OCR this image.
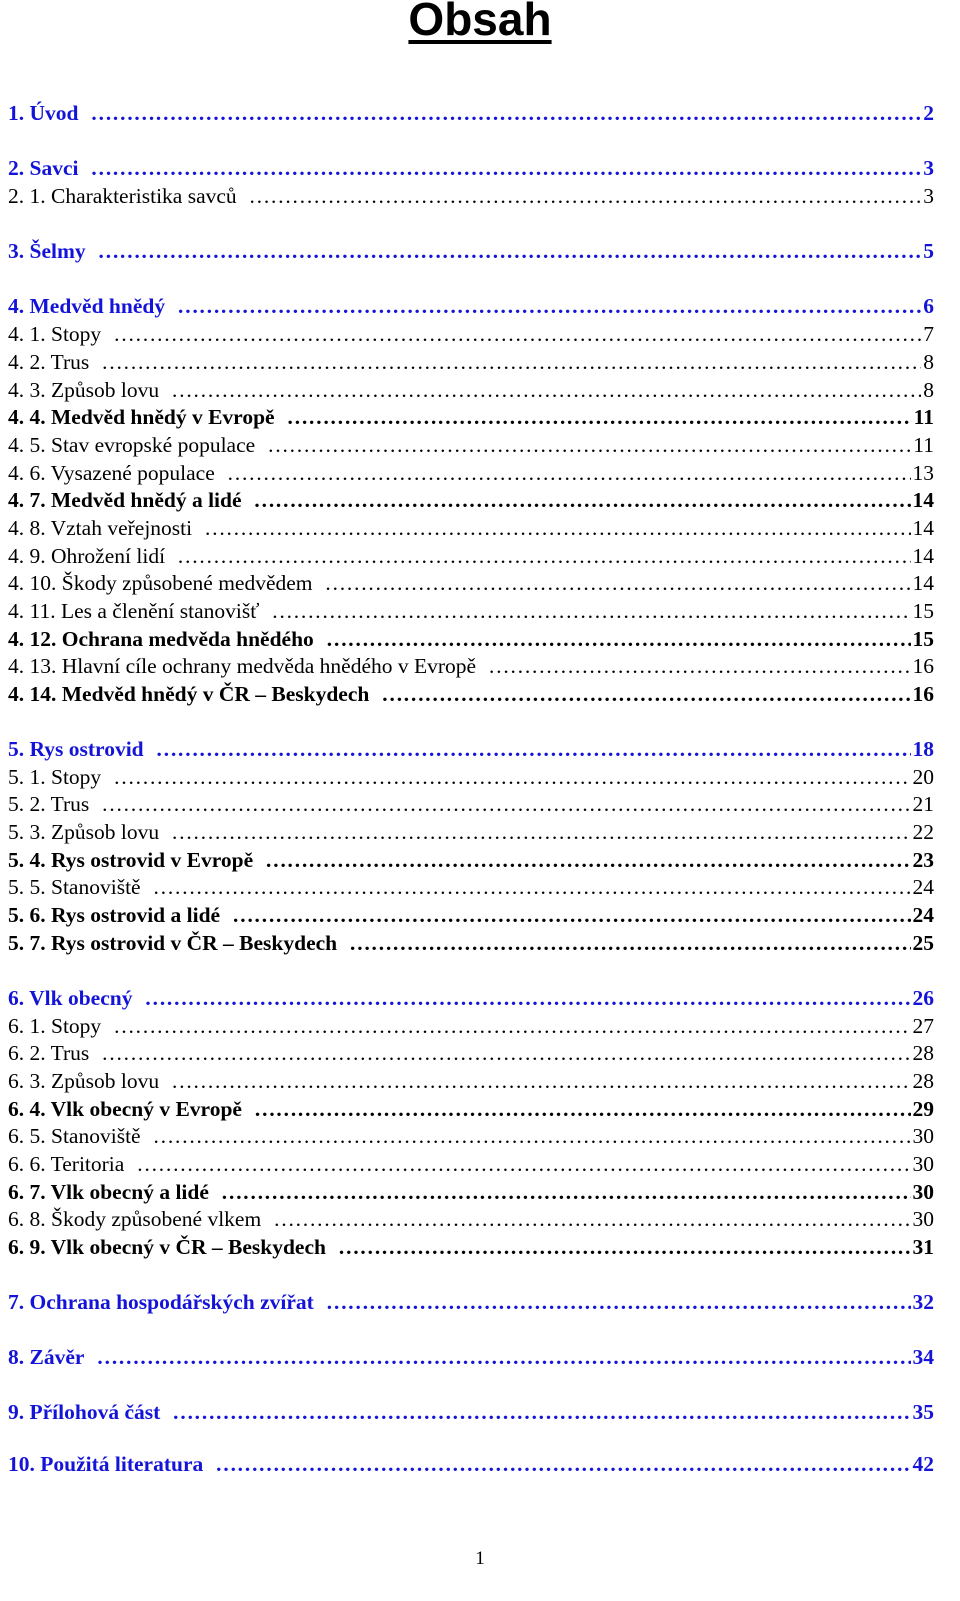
Obsah
1. Úvod ………………………………………………………………………………………………………………………………………………………………………………………………	2
2. Savci ………………………………………………………………………………………………………………………………………………………………………………………………	3
2. 1. Charakteristika savců ………………………………………………………………………………………………………………………………………………………………………………………………	3
3. Šelmy ………………………………………………………………………………………………………………………………………………………………………………………………	5
4. Medvěd hnědý ………………………………………………………………………………………………………………………………………………………………………………………………	6
4. 1. Stopy ………………………………………………………………………………………………………………………………………………………………………………………………	7
4. 2. Trus ………………………………………………………………………………………………………………………………………………………………………………………………	8
4. 3. Způsob lovu ………………………………………………………………………………………………………………………………………………………………………………………………	8
4. 4. Medvěd hnědý v Evropě ………………………………………………………………………………………………………………………………………………………………………………………………	11
4. 5. Stav evropské populace ………………………………………………………………………………………………………………………………………………………………………………………………	11
4. 6. Vysazené populace ………………………………………………………………………………………………………………………………………………………………………………………………	13
4. 7. Medvěd hnědý a lidé ………………………………………………………………………………………………………………………………………………………………………………………………	14
4. 8. Vztah veřejnosti ………………………………………………………………………………………………………………………………………………………………………………………………	14
4. 9. Ohrožení lidí ………………………………………………………………………………………………………………………………………………………………………………………………	14
4. 10. Škody způsobené medvědem ………………………………………………………………………………………………………………………………………………………………………………………………	14
4. 11. Les a členění stanovišť ………………………………………………………………………………………………………………………………………………………………………………………………	15
4. 12. Ochrana medvěda hnědého ………………………………………………………………………………………………………………………………………………………………………………………………	15
4. 13. Hlavní cíle ochrany medvěda hnědého v Evropě ………………………………………………………………………………………………………………………………………………………………………………………………	16
4. 14. Medvěd hnědý v ČR – Beskydech ………………………………………………………………………………………………………………………………………………………………………………………………	16
5. Rys ostrovid ………………………………………………………………………………………………………………………………………………………………………………………………	18
5. 1. Stopy ………………………………………………………………………………………………………………………………………………………………………………………………	20
5. 2. Trus ………………………………………………………………………………………………………………………………………………………………………………………………	21
5. 3. Způsob lovu ………………………………………………………………………………………………………………………………………………………………………………………………	22
5. 4. Rys ostrovid v Evropě ………………………………………………………………………………………………………………………………………………………………………………………………	23
5. 5. Stanoviště ………………………………………………………………………………………………………………………………………………………………………………………………	24
5. 6. Rys ostrovid a lidé ………………………………………………………………………………………………………………………………………………………………………………………………	24
5. 7. Rys ostrovid v ČR – Beskydech ………………………………………………………………………………………………………………………………………………………………………………………………	25
6. Vlk obecný ………………………………………………………………………………………………………………………………………………………………………………………………	26
6. 1. Stopy ………………………………………………………………………………………………………………………………………………………………………………………………	27
6. 2. Trus ………………………………………………………………………………………………………………………………………………………………………………………………	28
6. 3. Způsob lovu ………………………………………………………………………………………………………………………………………………………………………………………………	28
6. 4. Vlk obecný v Evropě ………………………………………………………………………………………………………………………………………………………………………………………………	29
6. 5. Stanoviště ………………………………………………………………………………………………………………………………………………………………………………………………	30
6. 6. Teritoria ………………………………………………………………………………………………………………………………………………………………………………………………	30
6. 7. Vlk obecný a lidé ………………………………………………………………………………………………………………………………………………………………………………………………	30
6. 8. Škody způsobené vlkem ………………………………………………………………………………………………………………………………………………………………………………………………	30
6. 9. Vlk obecný v ČR – Beskydech ………………………………………………………………………………………………………………………………………………………………………………………………	31
7. Ochrana hospodářských zvířat ………………………………………………………………………………………………………………………………………………………………………………………………	32
8. Závěr ………………………………………………………………………………………………………………………………………………………………………………………………	34
9. Přílohová část ………………………………………………………………………………………………………………………………………………………………………………………………	35
10. Použitá literatura ………………………………………………………………………………………………………………………………………………………………………………………………	42
1
